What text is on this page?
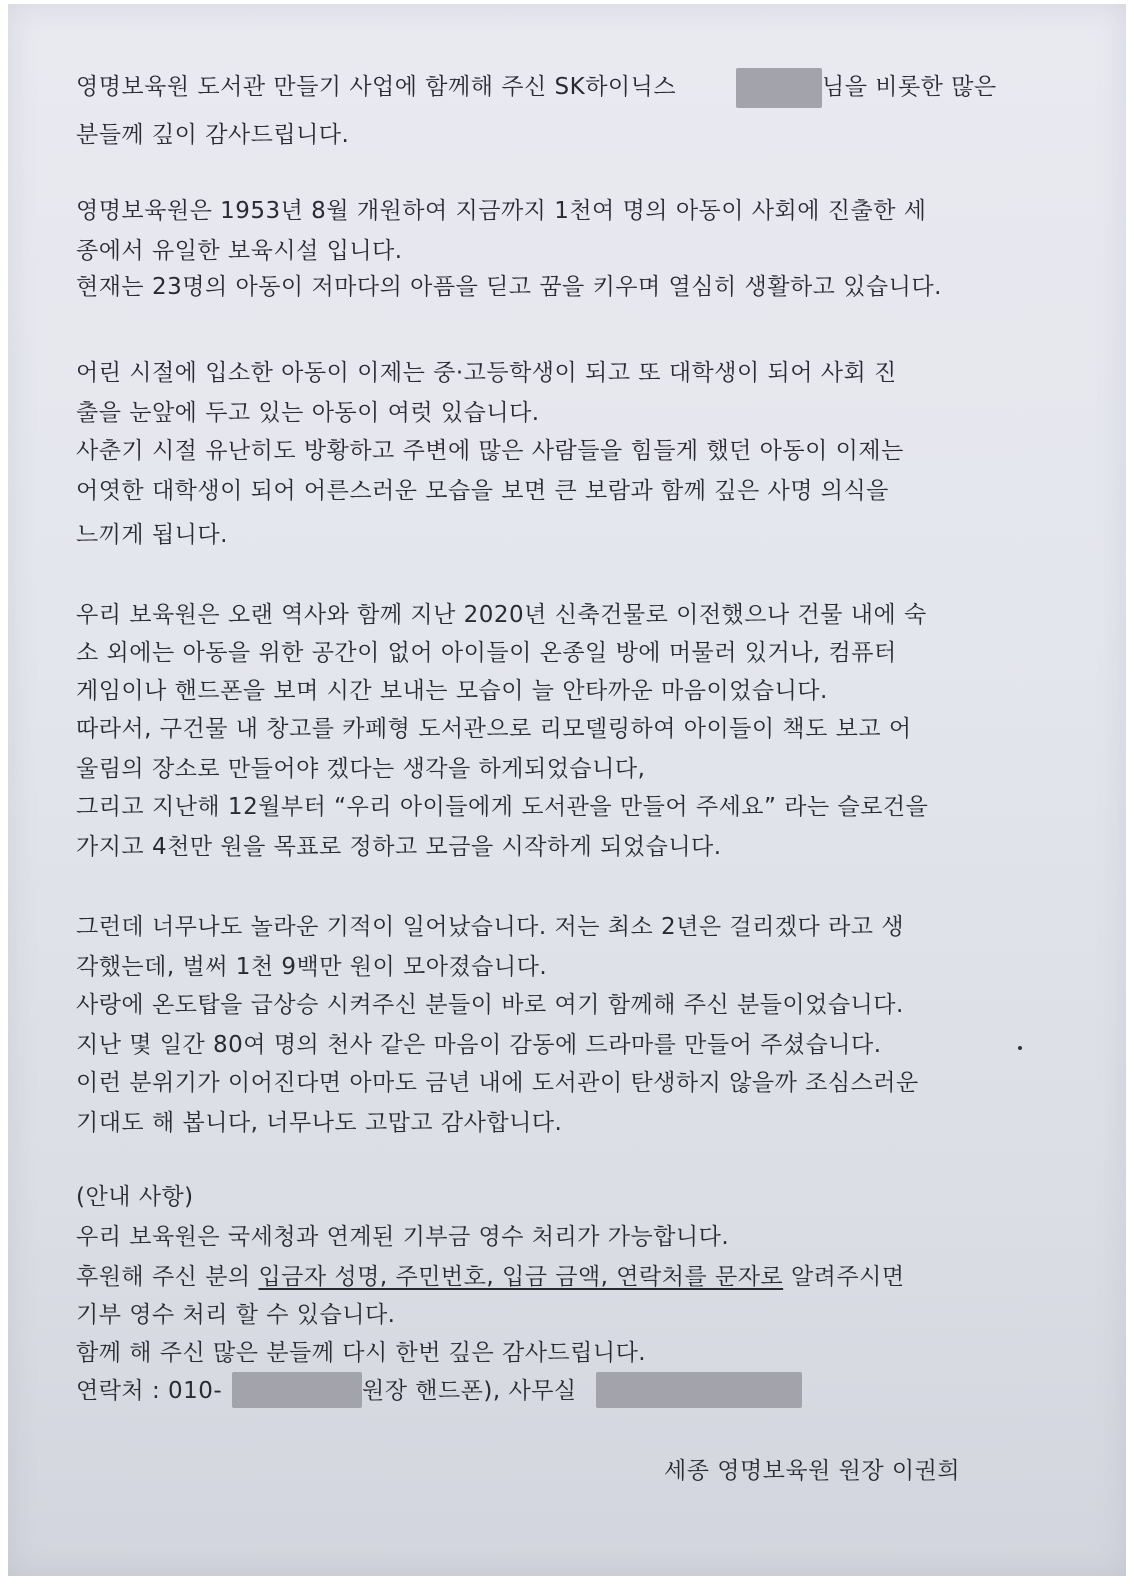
영명보육원 도서관 만들기 사업에 함께해 주신 SK하이닉스	님을 비롯한 많은
분들께 깊이 감사드립니다.
영명보육원은 1953년 8월 개원하여 지금까지 1천여 명의 아동이 사회에 진출한 세
종에서 유일한 보육시설 입니다.
현재는 23명의 아동이 저마다의 아픔을 딛고 꿈을 키우며 열심히 생활하고 있습니다.
어린 시절에 입소한 아동이 이제는 중·고등학생이 되고 또 대학생이 되어 사회 진
출을 눈앞에 두고 있는 아동이 여럿 있습니다.
사춘기 시절 유난히도 방황하고 주변에 많은 사람들을 힘들게 했던 아동이 이제는
어엿한 대학생이 되어 어른스러운 모습을 보면 큰 보람과 함께 깊은 사명 의식을
느끼게 됩니다.
우리 보육원은 오랜 역사와 함께 지난 2020년 신축건물로 이전했으나 건물 내에 숙
소 외에는 아동을 위한 공간이 없어 아이들이 온종일 방에 머물러 있거나, 컴퓨터
게임이나 핸드폰을 보며 시간 보내는 모습이 늘 안타까운 마음이었습니다.
따라서, 구건물 내 창고를 카페형 도서관으로 리모델링하여 아이들이 책도 보고 어
울림의 장소로 만들어야 겠다는 생각을 하게되었습니다,
그리고 지난해 12월부터 “우리 아이들에게 도서관을 만들어 주세요” 라는 슬로건을
가지고 4천만 원을 목표로 정하고 모금을 시작하게 되었습니다.
그런데 너무나도 놀라운 기적이 일어났습니다. 저는 최소 2년은 걸리겠다 라고 생
각했는데, 벌써 1천 9백만 원이 모아졌습니다.
사랑에 온도탑을 급상승 시켜주신 분들이 바로 여기 함께해 주신 분들이었습니다.
지난 몇 일간 80여 명의 천사 같은 마음이 감동에 드라마를 만들어 주셨습니다.
이런 분위기가 이어진다면 아마도 금년 내에 도서관이 탄생하지 않을까 조심스러운
기대도 해 봅니다, 너무나도 고맙고 감사합니다.
(안내 사항)
우리 보육원은 국세청과 연계된 기부금 영수 처리가 가능합니다.
후원해 주신 분의 입금자 성명, 주민번호, 입금 금액, 연락처를 문자로 알려주시면
기부 영수 처리 할 수 있습니다.
함께 해 주신 많은 분들께 다시 한번 깊은 감사드립니다.
연락처 : 010-	원장 핸드폰), 사무실
세종 영명보육원 원장 이권희
